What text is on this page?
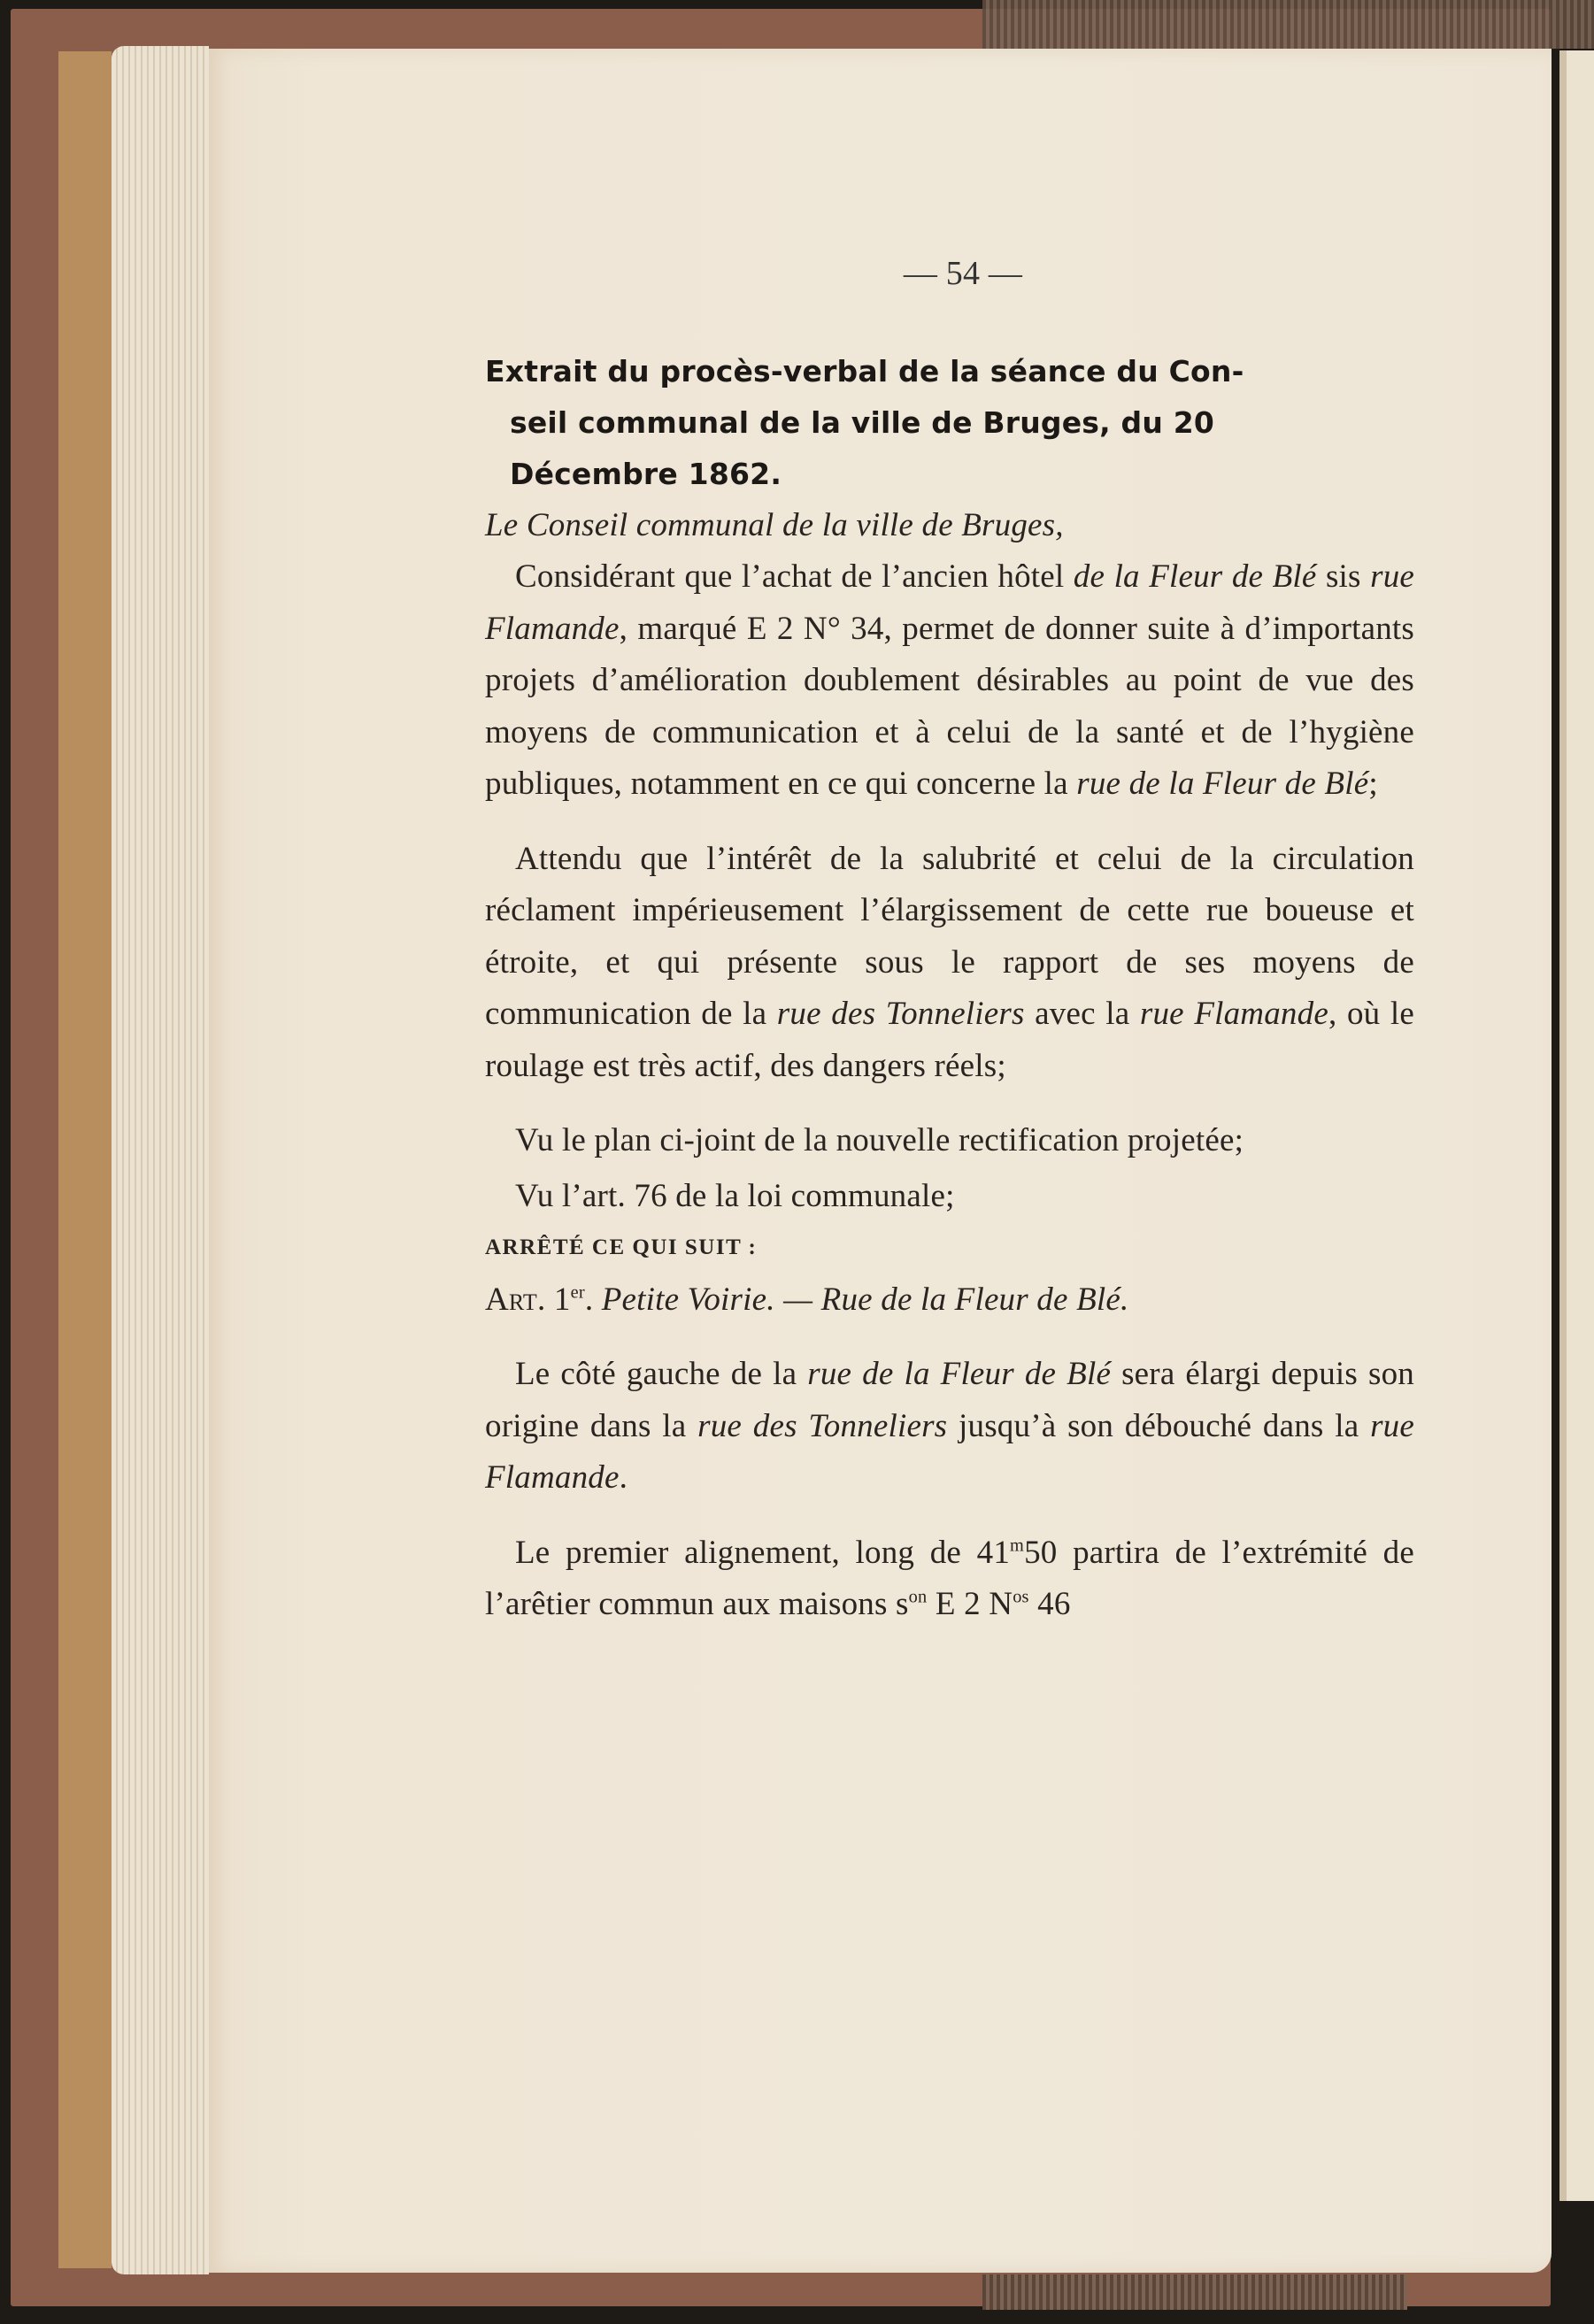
— 54 —
Extrait du procès-verbal de la séance du Con-
seil communal de la ville de Bruges, du 20
Décembre 1862.

Le Conseil communal de la ville de Bruges,

Considérant que l’achat de l’ancien hôtel de la Fleur de Blé sis rue Flamande, marqué E 2 N° 34, permet de donner suite à d’importants projets d’amélioration doublement désirables au point de vue des moyens de communication et à celui de la santé et de l’hygiène publiques, notamment en ce qui concerne la rue de la Fleur de Blé;

Attendu que l’intérêt de la salubrité et celui de la circulation réclament impérieusement l’élargissement de cette rue boueuse et étroite, et qui présente sous le rapport de ses moyens de communication de la rue des Tonneliers avec la rue Flamande, où le roulage est très actif, des dangers réels;

Vu le plan ci-joint de la nouvelle rectification projetée;

Vu l’art. 76 de la loi communale;

ARRÊTÉ CE QUI SUIT :

Art. 1er. Petite Voirie. — Rue de la Fleur de Blé.

Le côté gauche de la rue de la Fleur de Blé sera élargi depuis son origine dans la rue des Tonneliers jusqu’à son débouché dans la rue Flamande.

Le premier alignement, long de 41$^m$50 partira de l’extrémité de l’arêtier commun aux maisons $s^{on}$ E 2 $N^{os}$ 46
